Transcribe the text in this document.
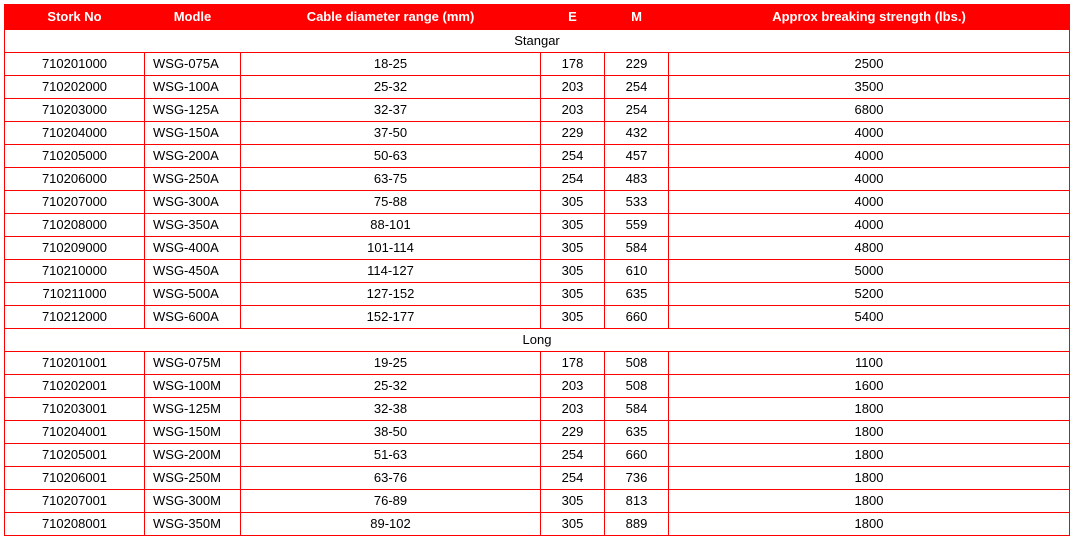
Stork No	Modle	Cable diameter range (mm)	E	M	Approx breaking strength (lbs.)
Stangar					
710201000	WSG-075A	18-25	178	229	2500
710202000	WSG-100A	25-32	203	254	3500
710203000	WSG-125A	32-37	203	254	6800
710204000	WSG-150A	37-50	229	432	4000
710205000	WSG-200A	50-63	254	457	4000
710206000	WSG-250A	63-75	254	483	4000
710207000	WSG-300A	75-88	305	533	4000
710208000	WSG-350A	88-101	305	559	4000
710209000	WSG-400A	101-114	305	584	4800
710210000	WSG-450A	114-127	305	610	5000
710211000	WSG-500A	127-152	305	635	5200
710212000	WSG-600A	152-177	305	660	5400
Long					
710201001	WSG-075M	19-25	178	508	1100
710202001	WSG-100M	25-32	203	508	1600
710203001	WSG-125M	32-38	203	584	1800
710204001	WSG-150M	38-50	229	635	1800
710205001	WSG-200M	51-63	254	660	1800
710206001	WSG-250M	63-76	254	736	1800
710207001	WSG-300M	76-89	305	813	1800
710208001	WSG-350M	89-102	305	889	1800
